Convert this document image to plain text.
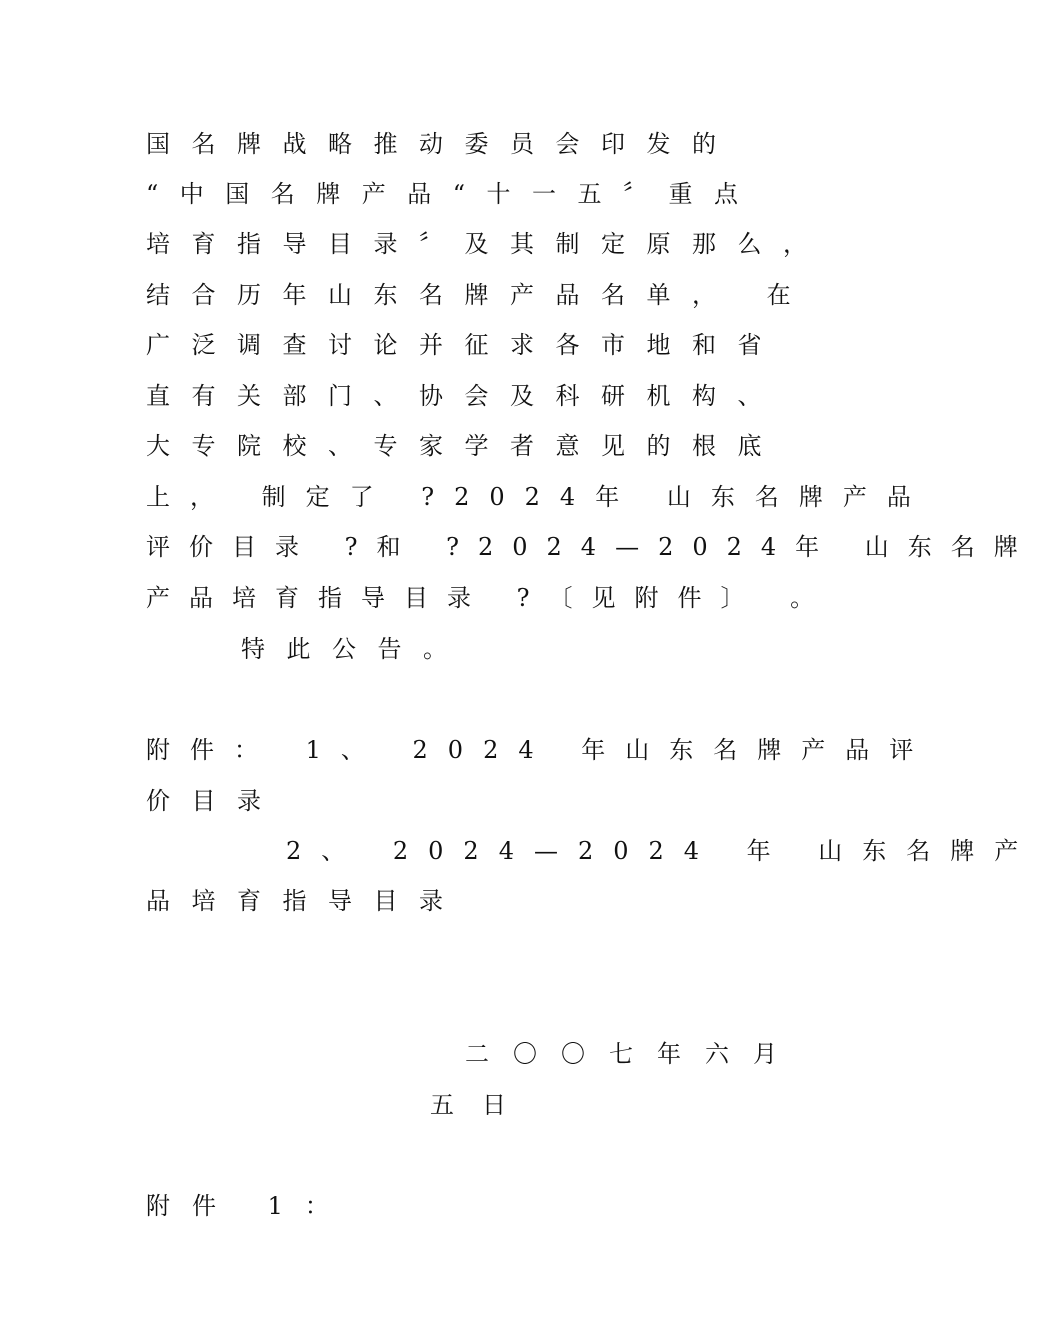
国名牌战略推动委员会印发的
“中国名牌产品“十一五〞重点
培育指导目录〞及其制定原那么，
结合历年山东名牌产品名单， 在
广泛调查讨论并征求各市地和省
直有关部门、协会及科研机构、
大专院校、专家学者意见的根底
上， 制定了 ?2024年 山东名牌产品
评价目录 ?和 ?2024—2024年 山东名牌
产品培育指导目录 ?〔见附件〕 。
特此公告。
附件： 1、 2024 年山东名牌产品评
价目录
2、 2024—2024 年 山东名牌产
品培育指导目录
二〇〇七年六月
五日
附件 1：
